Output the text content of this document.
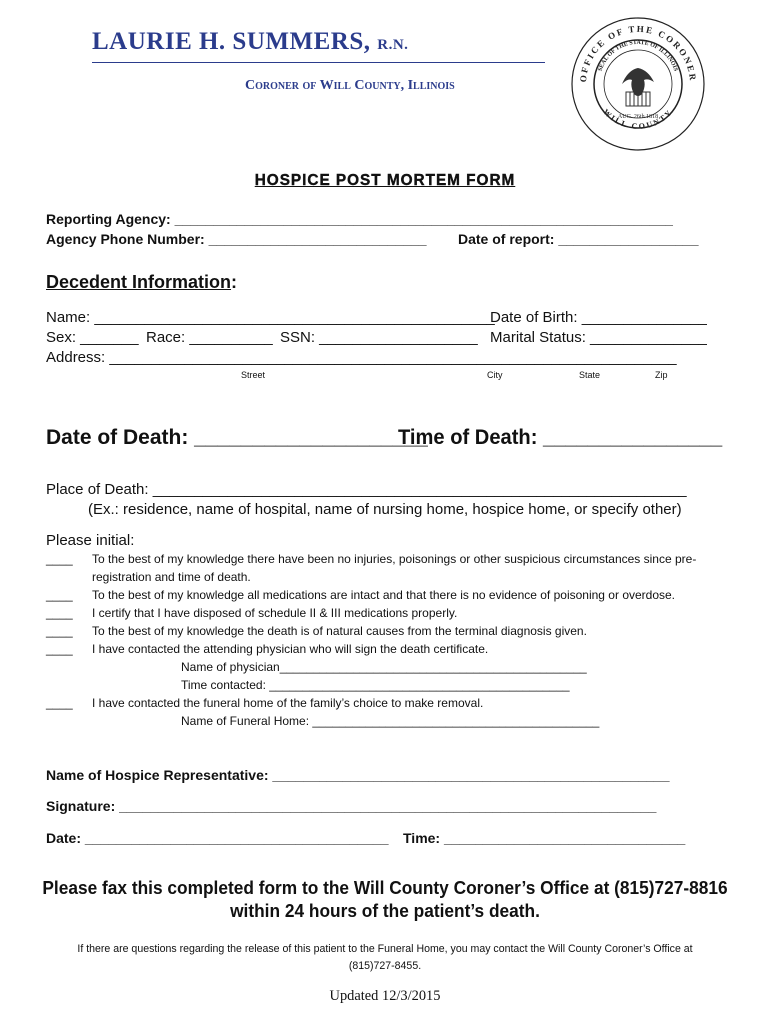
LAURIE H. SUMMERS, R.N.
Coroner of Will County, Illinois
OFFICE OF THE CORONER
WILL COUNTY
SEAL OF THE STATE OF ILLINOIS
AUG. 26th 1818
HOSPICE POST MORTEM FORM
Reporting Agency: ________________________________________________________________
Agency Phone Number: ____________________________ Date of report: __________________
Decedent Information:
Name: ________________________________________________
Date of Birth: _______________
Sex: _______ Race: __________ SSN: ___________________ Marital Status: ______________
Address: ____________________________________________________________________
Street	City	State	Zip
Date of Death: ____________________
Time of Death: ________________
Place of Death: ________________________________________________________________
(Ex.: residence, name of hospital, name of nursing home, hospice home, or specify other)
Please initial:
____ To the best of my knowledge there have been no injuries, poisonings or other suspicious circumstances since pre-
registration and time of death.
____ To the best of my knowledge all medications are intact and that there is no evidence of poisoning or overdose.
____ I certify that I have disposed of schedule II & III medications properly.
____ To the best of my knowledge the death is of natural causes from the terminal diagnosis given.
____ I have contacted the attending physician who will sign the death certificate.
Name of physician______________________________________________
Time contacted: _____________________________________________
____ I have contacted the funeral home of the family’s choice to make removal.
Name of Funeral Home: ___________________________________________
Name of Hospice Representative: ___________________________________________________
Signature: _____________________________________________________________________
Date: _______________________________________ Time: _______________________________
Please fax this completed form to the Will County Coroner’s Office at (815)727-8816
within 24 hours of the patient’s death.
If there are questions regarding the release of this patient to the Funeral Home, you may contact the Will County Coroner’s Office at
(815)727-8455.
Updated 12/3/2015
